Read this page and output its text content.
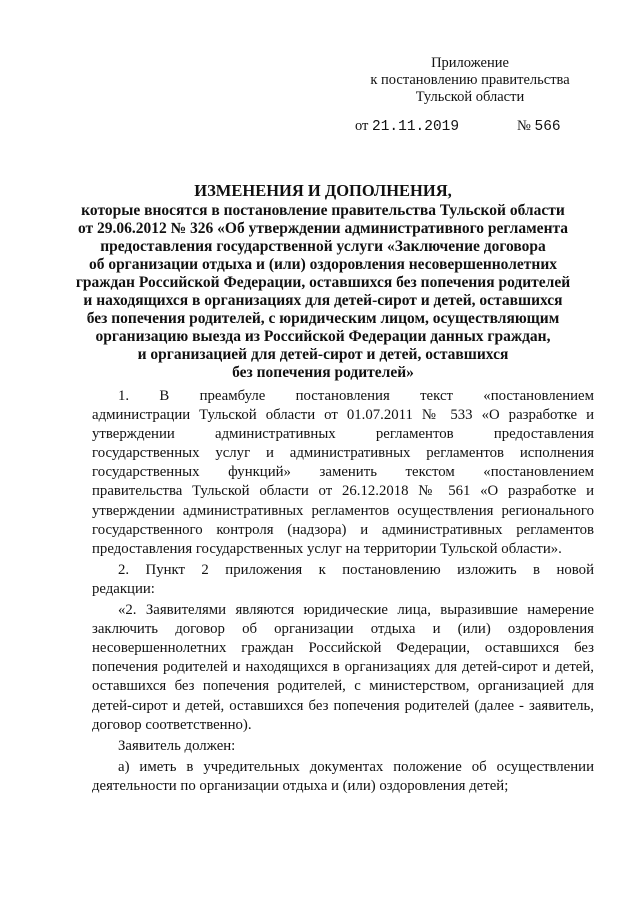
Приложение
к постановлению правительства
Тульской области
от 21.11.2019	№ 566
ИЗМЕНЕНИЯ И ДОПОЛНЕНИЯ,
которые вносятся в постановление правительства Тульской области
от 29.06.2012 № 326 «Об утверждении административного регламента
предоставления государственной услуги «Заключение договора
об организации отдыха и (или) оздоровления несовершеннолетних
граждан Российской Федерации, оставшихся без попечения родителей
и находящихся в организациях для детей-сирот и детей, оставшихся
без попечения родителей, с юридическим лицом, осуществляющим
организацию выезда из Российской Федерации данных граждан,
и организацией для детей-сирот и детей, оставшихся
без попечения родителей»
1. В преамбуле постановления текст «постановлением
администрации Тульской области от 01.07.2011 № 533 «О разработке и
утверждении административных регламентов предоставления
государственных услуг и административных регламентов исполнения
государственных функций» заменить текстом «постановлением
правительства Тульской области от 26.12.2018 № 561 «О разработке и
утверждении административных регламентов осуществления регионального
государственного контроля (надзора) и административных регламентов
предоставления государственных услуг на территории Тульской области».
2. Пункт 2 приложения к постановлению изложить в новой
редакции:
«2. Заявителями являются юридические лица, выразившие намерение
заключить договор об организации отдыха и (или) оздоровления
несовершеннолетних граждан Российской Федерации, оставшихся без
попечения родителей и находящихся в организациях для детей-сирот и детей,
оставшихся без попечения родителей, с министерством, организацией для
детей-сирот и детей, оставшихся без попечения родителей (далее - заявитель,
договор соответственно).
Заявитель должен:
а) иметь в учредительных документах положение об осуществлении
деятельности по организации отдыха и (или) оздоровления детей;
